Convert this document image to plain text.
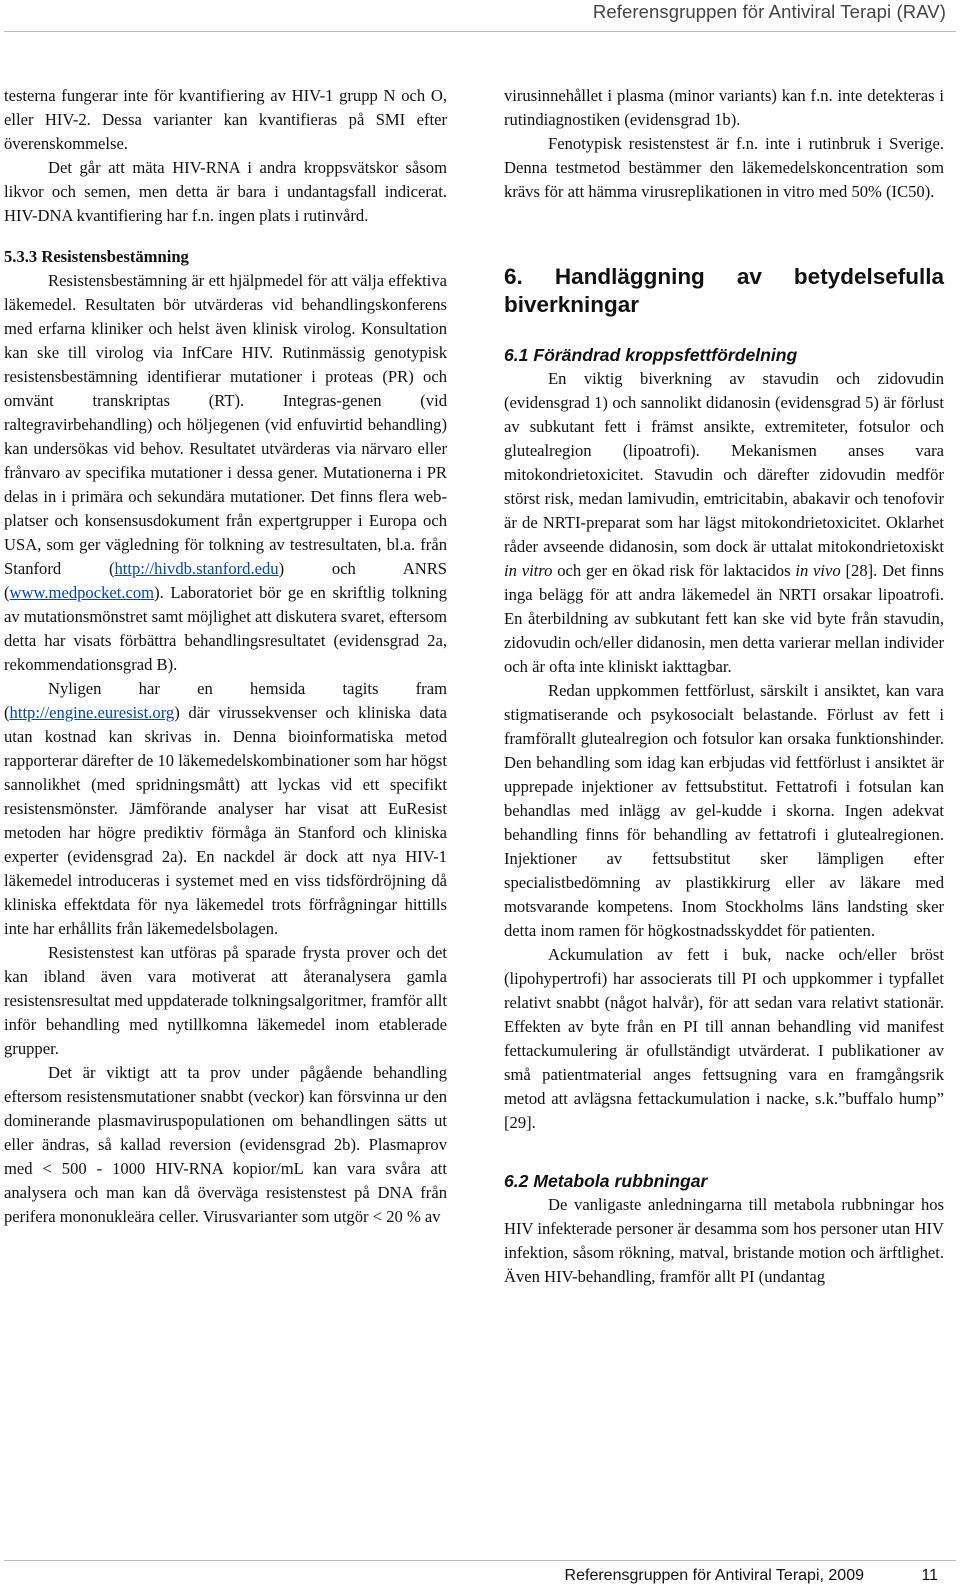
Referensgruppen för Antiviral Terapi (RAV)

testerna fungerar inte för kvantifiering av HIV-1 grupp N och O, eller HIV-2. Dessa varianter kan kvantifieras på SMI efter överenskommelse.

Det går att mäta HIV-RNA i andra kroppsvätskor såsom likvor och semen, men detta är bara i undantagsfall indicerat. HIV-DNA kvantifiering har f.n. ingen plats i rutinvård.

5.3.3 Resistensbestämning

Resistensbestämning är ett hjälpmedel för att välja effektiva läkemedel. Resultaten bör utvärderas vid behandlingskonferens med erfarna kliniker och helst även klinisk virolog. Konsultation kan ske till virolog via InfCare HIV. Rutinmässig genotypisk resistensbestämning identifierar mutationer i proteas (PR) och omvänt transkriptas (RT). Integras-genen (vid raltegravirbehandling) och höljegenen (vid enfuvirtid behandling) kan undersökas vid behov. Resultatet utvärderas via närvaro eller frånvaro av specifika mutationer i dessa gener. Mutationerna i PR delas in i primära och sekundära mutationer. Det finns flera web-platser och konsensusdokument från expertgrupper i Europa och USA, som ger vägledning för tolkning av testresultaten, bl.a. från Stanford (http://hivdb.stanford.edu) och ANRS (www.medpocket.com). Laboratoriet bör ge en skriftlig tolkning av mutationsmönstret samt möjlighet att diskutera svaret, eftersom detta har visats förbättra behandlingsresultatet (evidensgrad 2a, rekommendationsgrad B).

Nyligen har en hemsida tagits fram (http://engine.euresist.org) där virussekvenser och kliniska data utan kostnad kan skrivas in. Denna bioinformatiska metod rapporterar därefter de 10 läkemedelskombinationer som har högst sannolikhet (med spridningsmått) att lyckas vid ett specifikt resistensmönster. Jämförande analyser har visat att EuResist metoden har högre prediktiv förmåga än Stanford och kliniska experter (evidensgrad 2a). En nackdel är dock att nya HIV-1 läkemedel introduceras i systemet med en viss tidsfördröjning då kliniska effektdata för nya läkemedel trots förfrågningar hittills inte har erhållits från läkemedelsbolagen.

Resistenstest kan utföras på sparade frysta prover och det kan ibland även vara motiverat att återanalysera gamla resistensresultat med uppdaterade tolkningsalgoritmer, framför allt inför behandling med nytillkomna läkemedel inom etablerade grupper.

Det är viktigt att ta prov under pågående behandling eftersom resistensmutationer snabbt (veckor) kan försvinna ur den dominerande plasmaviruspopulationen om behandlingen sätts ut eller ändras, så kallad reversion (evidensgrad 2b). Plasmaprov med < 500 - 1000 HIV-RNA kopior/mL kan vara svåra att analysera och man kan då överväga resistenstest på DNA från perifera mononukleära celler. Virusvarianter som utgör < 20 % av

virusinnehållet i plasma (minor variants) kan f.n. inte detekteras i rutindiagnostiken (evidensgrad 1b).

Fenotypisk resistenstest är f.n. inte i rutinbruk i Sverige. Denna testmetod bestämmer den läkemedelskoncentration som krävs för att hämma virusreplikationen in vitro med 50% (IC50).

6. Handläggning av betydelsefulla biverkningar
6.1 Förändrad kroppsfettfördelning

En viktig biverkning av stavudin och zidovudin (evidensgrad 1) och sannolikt didanosin (evidensgrad 5) är förlust av subkutant fett i främst ansikte, extremiteter, fotsulor och glutealregion (lipoatrofi). Mekanismen anses vara mitokondrietoxicitet. Stavudin och därefter zidovudin medför störst risk, medan lamivudin, emtricitabin, abakavir och tenofovir är de NRTI-preparat som har lägst mitokondrietoxicitet. Oklarhet råder avseende didanosin, som dock är uttalat mitokondrietoxiskt in vitro och ger en ökad risk för laktacidos in vivo [28]. Det finns inga belägg för att andra läkemedel än NRTI orsakar lipoatrofi. En återbildning av subkutant fett kan ske vid byte från stavudin, zidovudin och/eller didanosin, men detta varierar mellan individer och är ofta inte kliniskt iakttagbar.

Redan uppkommen fettförlust, särskilt i ansiktet, kan vara stigmatiserande och psykosocialt belastande. Förlust av fett i framförallt glutealregion och fotsulor kan orsaka funktionshinder. Den behandling som idag kan erbjudas vid fettförlust i ansiktet är upprepade injektioner av fettsubstitut. Fettatrofi i fotsulan kan behandlas med inlägg av gel-kudde i skorna. Ingen adekvat behandling finns för behandling av fettatrofi i glutealregionen. Injektioner av fettsubstitut sker lämpligen efter specialistbedömning av plastikkirurg eller av läkare med motsvarande kompetens. Inom Stockholms läns landsting sker detta inom ramen för högkostnadsskyddet för patienten.

Ackumulation av fett i buk, nacke och/eller bröst (lipohypertrofi) har associerats till PI och uppkommer i typfallet relativt snabbt (något halvår), för att sedan vara relativt stationär. Effekten av byte från en PI till annan behandling vid manifest fettackumulering är ofullständigt utvärderat. I publikationer av små patientmaterial anges fettsugning vara en framgångsrik metod att avlägsna fettackumulation i nacke, s.k.”buffalo hump” [29].

6.2 Metabola rubbningar

De vanligaste anledningarna till metabola rubbningar hos HIV infekterade personer är desamma som hos personer utan HIV infektion, såsom rökning, matval, bristande motion och ärftlighet. Även HIV-behandling, framför allt PI (undantag

Referensgruppen för Antiviral Terapi, 2009	11
